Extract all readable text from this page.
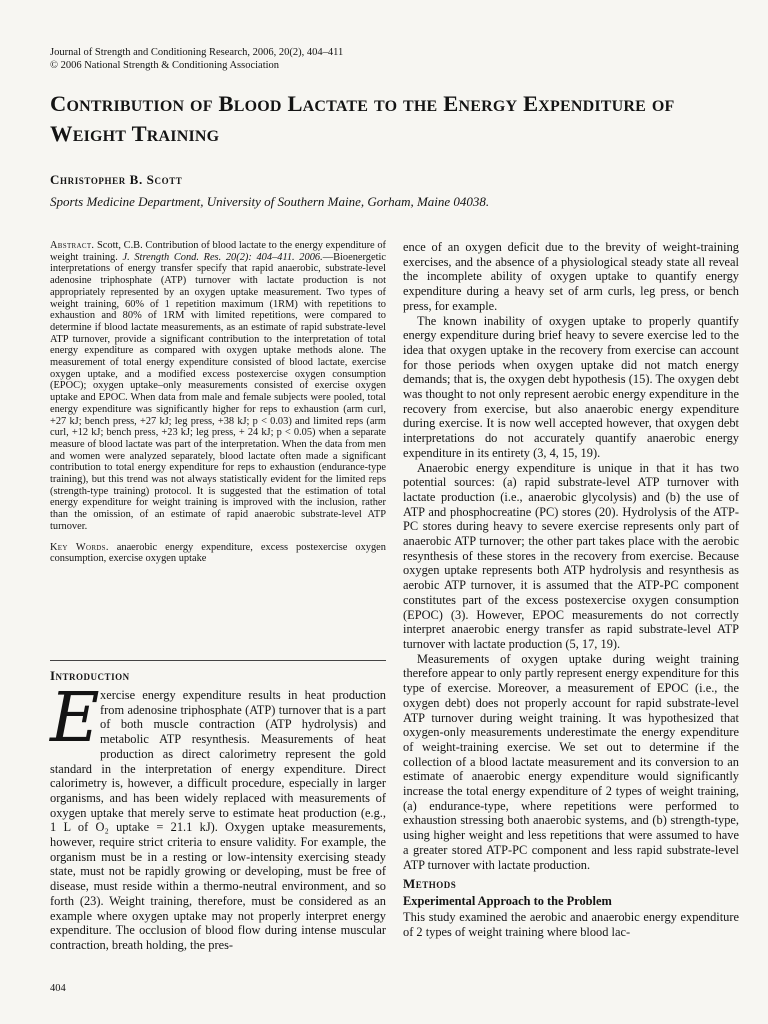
Journal of Strength and Conditioning Research, 2006, 20(2), 404–411
© 2006 National Strength & Conditioning Association
Contribution of Blood Lactate to the Energy Expenditure of Weight Training
Christopher B. Scott
Sports Medicine Department, University of Southern Maine, Gorham, Maine 04038.

Abstract. Scott, C.B. Contribution of blood lactate to the energy expenditure of weight training. J. Strength Cond. Res. 20(2): 404–411. 2006.—Bioenergetic interpretations of energy transfer specify that rapid anaerobic, substrate-level adenosine triphosphate (ATP) turnover with lactate production is not appropriately represented by an oxygen uptake measurement. Two types of weight training, 60% of 1 repetition maximum (1RM) with repetitions to exhaustion and 80% of 1RM with limited repetitions, were compared to determine if blood lactate measurements, as an estimate of rapid substrate-level ATP turnover, provide a significant contribution to the interpretation of total energy expenditure as compared with oxygen uptake methods alone. The measurement of total energy expenditure consisted of blood lactate, exercise oxygen uptake, and a modified excess postexercise oxygen consumption (EPOC); oxygen uptake–only measurements consisted of exercise oxygen uptake and EPOC. When data from male and female subjects were pooled, total energy expenditure was significantly higher for reps to exhaustion (arm curl, +27 kJ; bench press, +27 kJ; leg press, +38 kJ; p < 0.03) and limited reps (arm curl, +12 kJ; bench press, +23 kJ; leg press, + 24 kJ; p < 0.05) when a separate measure of blood lactate was part of the interpretation. When the data from men and women were analyzed separately, blood lactate often made a significant contribution to total energy expenditure for reps to exhaustion (endurance-type training), but this trend was not always statistically evident for the limited reps (strength-type training) protocol. It is suggested that the estimation of total energy expenditure for weight training is improved with the inclusion, rather than the omission, of an estimate of rapid anaerobic substrate-level ATP turnover.

Key Words. anaerobic energy expenditure, excess postexercise oxygen consumption, exercise oxygen uptake

Introduction

Exercise energy expenditure results in heat production from adenosine triphosphate (ATP) turnover that is a part of both muscle contraction (ATP hydrolysis) and metabolic ATP resynthesis. Measurements of heat production as direct calorimetry represent the gold standard in the interpretation of energy expenditure. Direct calorimetry is, however, a difficult procedure, especially in larger organisms, and has been widely replaced with measurements of oxygen uptake that merely serve to estimate heat production (e.g., 1 L of O₂ uptake = 21.1 kJ). Oxygen uptake measurements, however, require strict criteria to ensure validity. For example, the organism must be in a resting or low-intensity exercising steady state, must not be rapidly growing or developing, must be free of disease, must reside within a thermo-neutral environment, and so forth (23). Weight training, therefore, must be considered as an example where oxygen uptake may not properly interpret energy expenditure. The occlusion of blood flow during intense muscular contraction, breath holding, the pres-

ence of an oxygen deficit due to the brevity of weight-training exercises, and the absence of a physiological steady state all reveal the incomplete ability of oxygen uptake to quantify energy expenditure during a heavy set of arm curls, leg press, or bench press, for example.

The known inability of oxygen uptake to properly quantify energy expenditure during brief heavy to severe exercise led to the idea that oxygen uptake in the recovery from exercise can account for those periods when oxygen uptake did not match energy demands; that is, the oxygen debt hypothesis (15). The oxygen debt was thought to not only represent aerobic energy expenditure in the recovery from exercise, but also anaerobic energy expenditure during exercise. It is now well accepted however, that oxygen debt interpretations do not accurately quantify anaerobic energy expenditure in its entirety (3, 4, 15, 19).

Anaerobic energy expenditure is unique in that it has two potential sources: (a) rapid substrate-level ATP turnover with lactate production (i.e., anaerobic glycolysis) and (b) the use of ATP and phosphocreatine (PC) stores (20). Hydrolysis of the ATP-PC stores during heavy to severe exercise represents only part of anaerobic ATP turnover; the other part takes place with the aerobic resynthesis of these stores in the recovery from exercise. Because oxygen uptake represents both ATP hydrolysis and resynthesis as aerobic ATP turnover, it is assumed that the ATP-PC component constitutes part of the excess postexercise oxygen consumption (EPOC) (3). However, EPOC measurements do not correctly interpret anaerobic energy transfer as rapid substrate-level ATP turnover with lactate production (5, 17, 19).

Measurements of oxygen uptake during weight training therefore appear to only partly represent energy expenditure for this type of exercise. Moreover, a measurement of EPOC (i.e., the oxygen debt) does not properly account for rapid substrate-level ATP turnover during weight training. It was hypothesized that oxygen-only measurements underestimate the energy expenditure of weight-training exercise. We set out to determine if the collection of a blood lactate measurement and its conversion to an estimate of anaerobic energy expenditure would significantly increase the total energy expenditure of 2 types of weight training, (a) endurance-type, where repetitions were performed to exhaustion stressing both anaerobic systems, and (b) strength-type, using higher weight and less repetitions that were assumed to have a greater stored ATP-PC component and less rapid substrate-level ATP turnover with lactate production.

Methods
Experimental Approach to the Problem

This study examined the aerobic and anaerobic energy expenditure of 2 types of weight training where blood lac-

404
